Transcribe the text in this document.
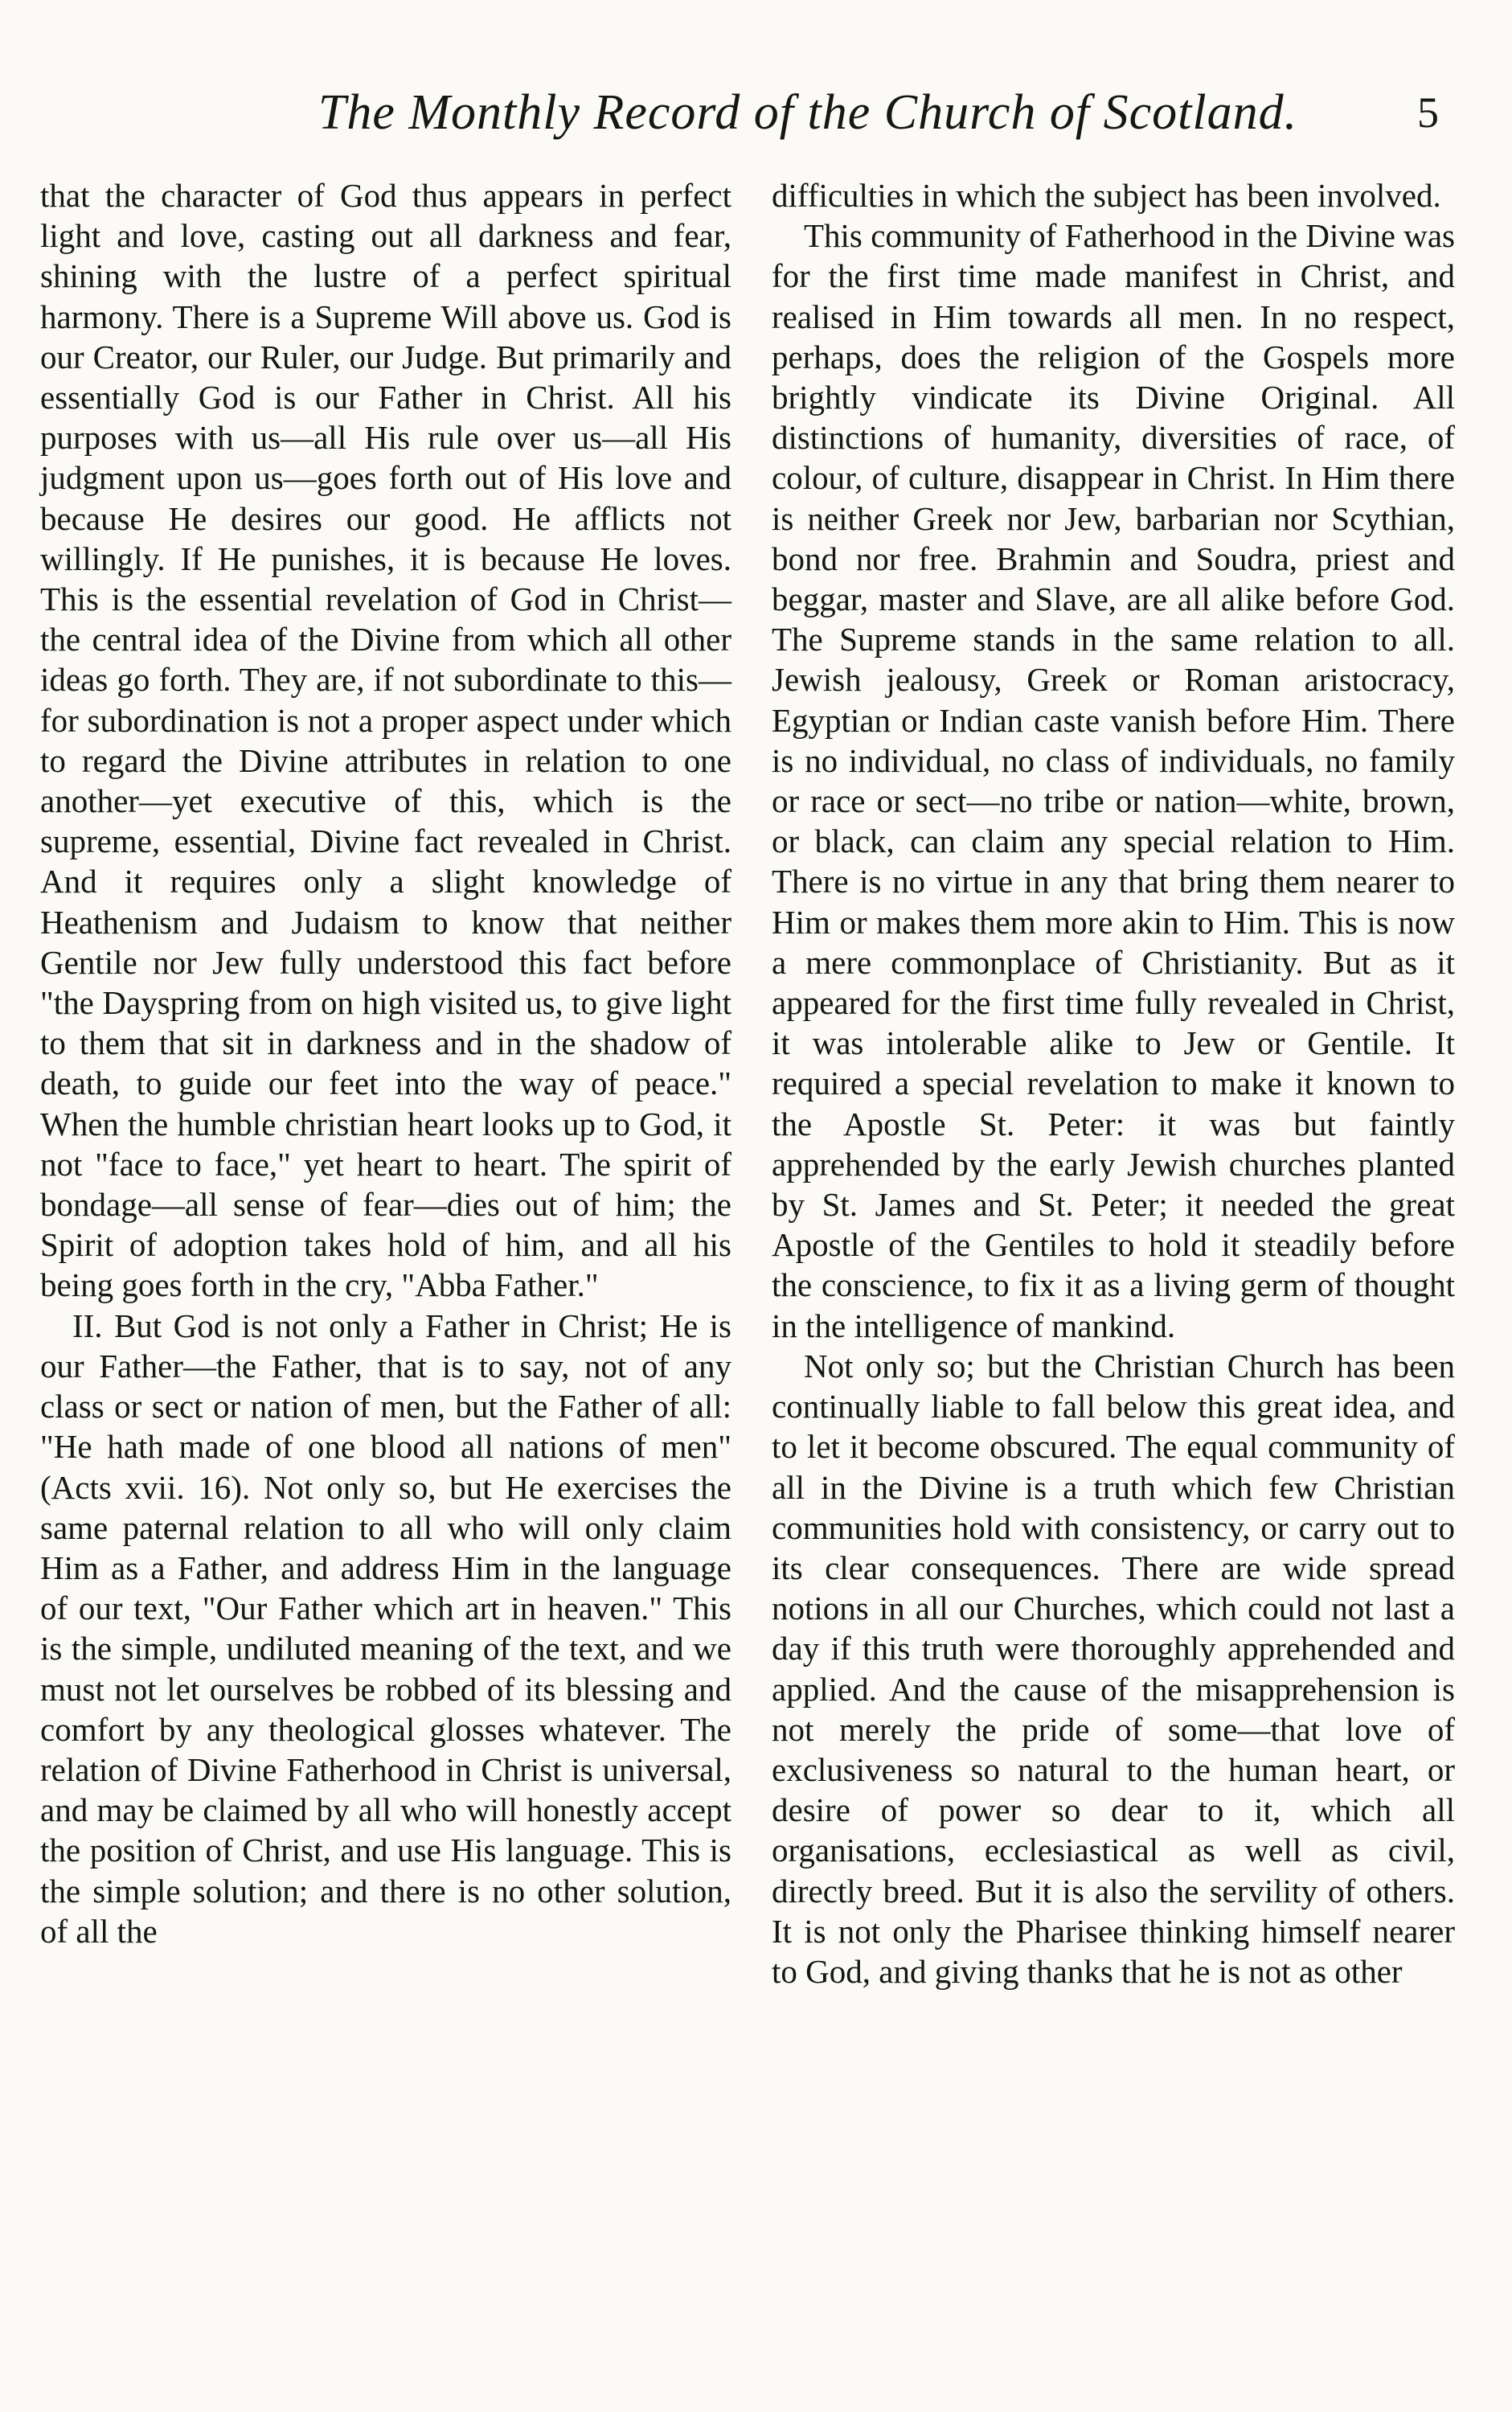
The Monthly Record of the Church of Scotland.	5

that the character of God thus appears in perfect light and love, casting out all darkness and fear, shining with the lustre of a perfect spiritual harmony. There is a Supreme Will above us. God is our Creator, our Ruler, our Judge. But primarily and essentially God is our Father in Christ. All his purposes with us—all His rule over us—all His judgment upon us—goes forth out of His love and because He desires our good. He afflicts not willingly. If He punishes, it is because He loves. This is the essential revelation of God in Christ—the central idea of the Divine from which all other ideas go forth. They are, if not subordinate to this—for subordination is not a proper aspect under which to regard the Divine attributes in relation to one another—yet executive of this, which is the supreme, essential, Divine fact revealed in Christ. And it requires only a slight knowledge of Heathenism and Judaism to know that neither Gentile nor Jew fully understood this fact before "the Dayspring from on high visited us, to give light to them that sit in darkness and in the shadow of death, to guide our feet into the way of peace." When the humble christian heart looks up to God, it not "face to face," yet heart to heart. The spirit of bondage—all sense of fear—dies out of him; the Spirit of adoption takes hold of him, and all his being goes forth in the cry, "Abba Father."

II. But God is not only a Father in Christ; He is our Father—the Father, that is to say, not of any class or sect or nation of men, but the Father of all: "He hath made of one blood all nations of men" (Acts xvii. 16). Not only so, but He exercises the same paternal relation to all who will only claim Him as a Father, and address Him in the language of our text, "Our Father which art in heaven." This is the simple, undiluted meaning of the text, and we must not let ourselves be robbed of its blessing and comfort by any theological glosses whatever. The relation of Divine Fatherhood in Christ is universal, and may be claimed by all who will honestly accept the position of Christ, and use His language. This is the simple solution; and there is no other solution, of all the

difficulties in which the subject has been involved.

This community of Fatherhood in the Divine was for the first time made manifest in Christ, and realised in Him towards all men. In no respect, perhaps, does the religion of the Gospels more brightly vindicate its Divine Original. All distinctions of humanity, diversities of race, of colour, of culture, disappear in Christ. In Him there is neither Greek nor Jew, barbarian nor Scythian, bond nor free. Brahmin and Soudra, priest and beggar, master and Slave, are all alike before God. The Supreme stands in the same relation to all. Jewish jealousy, Greek or Roman aristocracy, Egyptian or Indian caste vanish before Him. There is no individual, no class of individuals, no family or race or sect—no tribe or nation—white, brown, or black, can claim any special relation to Him. There is no virtue in any that bring them nearer to Him or makes them more akin to Him. This is now a mere commonplace of Christianity. But as it appeared for the first time fully revealed in Christ, it was intolerable alike to Jew or Gentile. It required a special revelation to make it known to the Apostle St. Peter: it was but faintly apprehended by the early Jewish churches planted by St. James and St. Peter; it needed the great Apostle of the Gentiles to hold it steadily before the conscience, to fix it as a living germ of thought in the intelligence of mankind.

Not only so; but the Christian Church has been continually liable to fall below this great idea, and to let it become obscured. The equal community of all in the Divine is a truth which few Christian communities hold with consistency, or carry out to its clear consequences. There are wide spread notions in all our Churches, which could not last a day if this truth were thoroughly apprehended and applied. And the cause of the misapprehension is not merely the pride of some—that love of exclusiveness so natural to the human heart, or desire of power so dear to it, which all organisations, ecclesiastical as well as civil, directly breed. But it is also the servility of others. It is not only the Pharisee thinking himself nearer to God, and giving thanks that he is not as other
